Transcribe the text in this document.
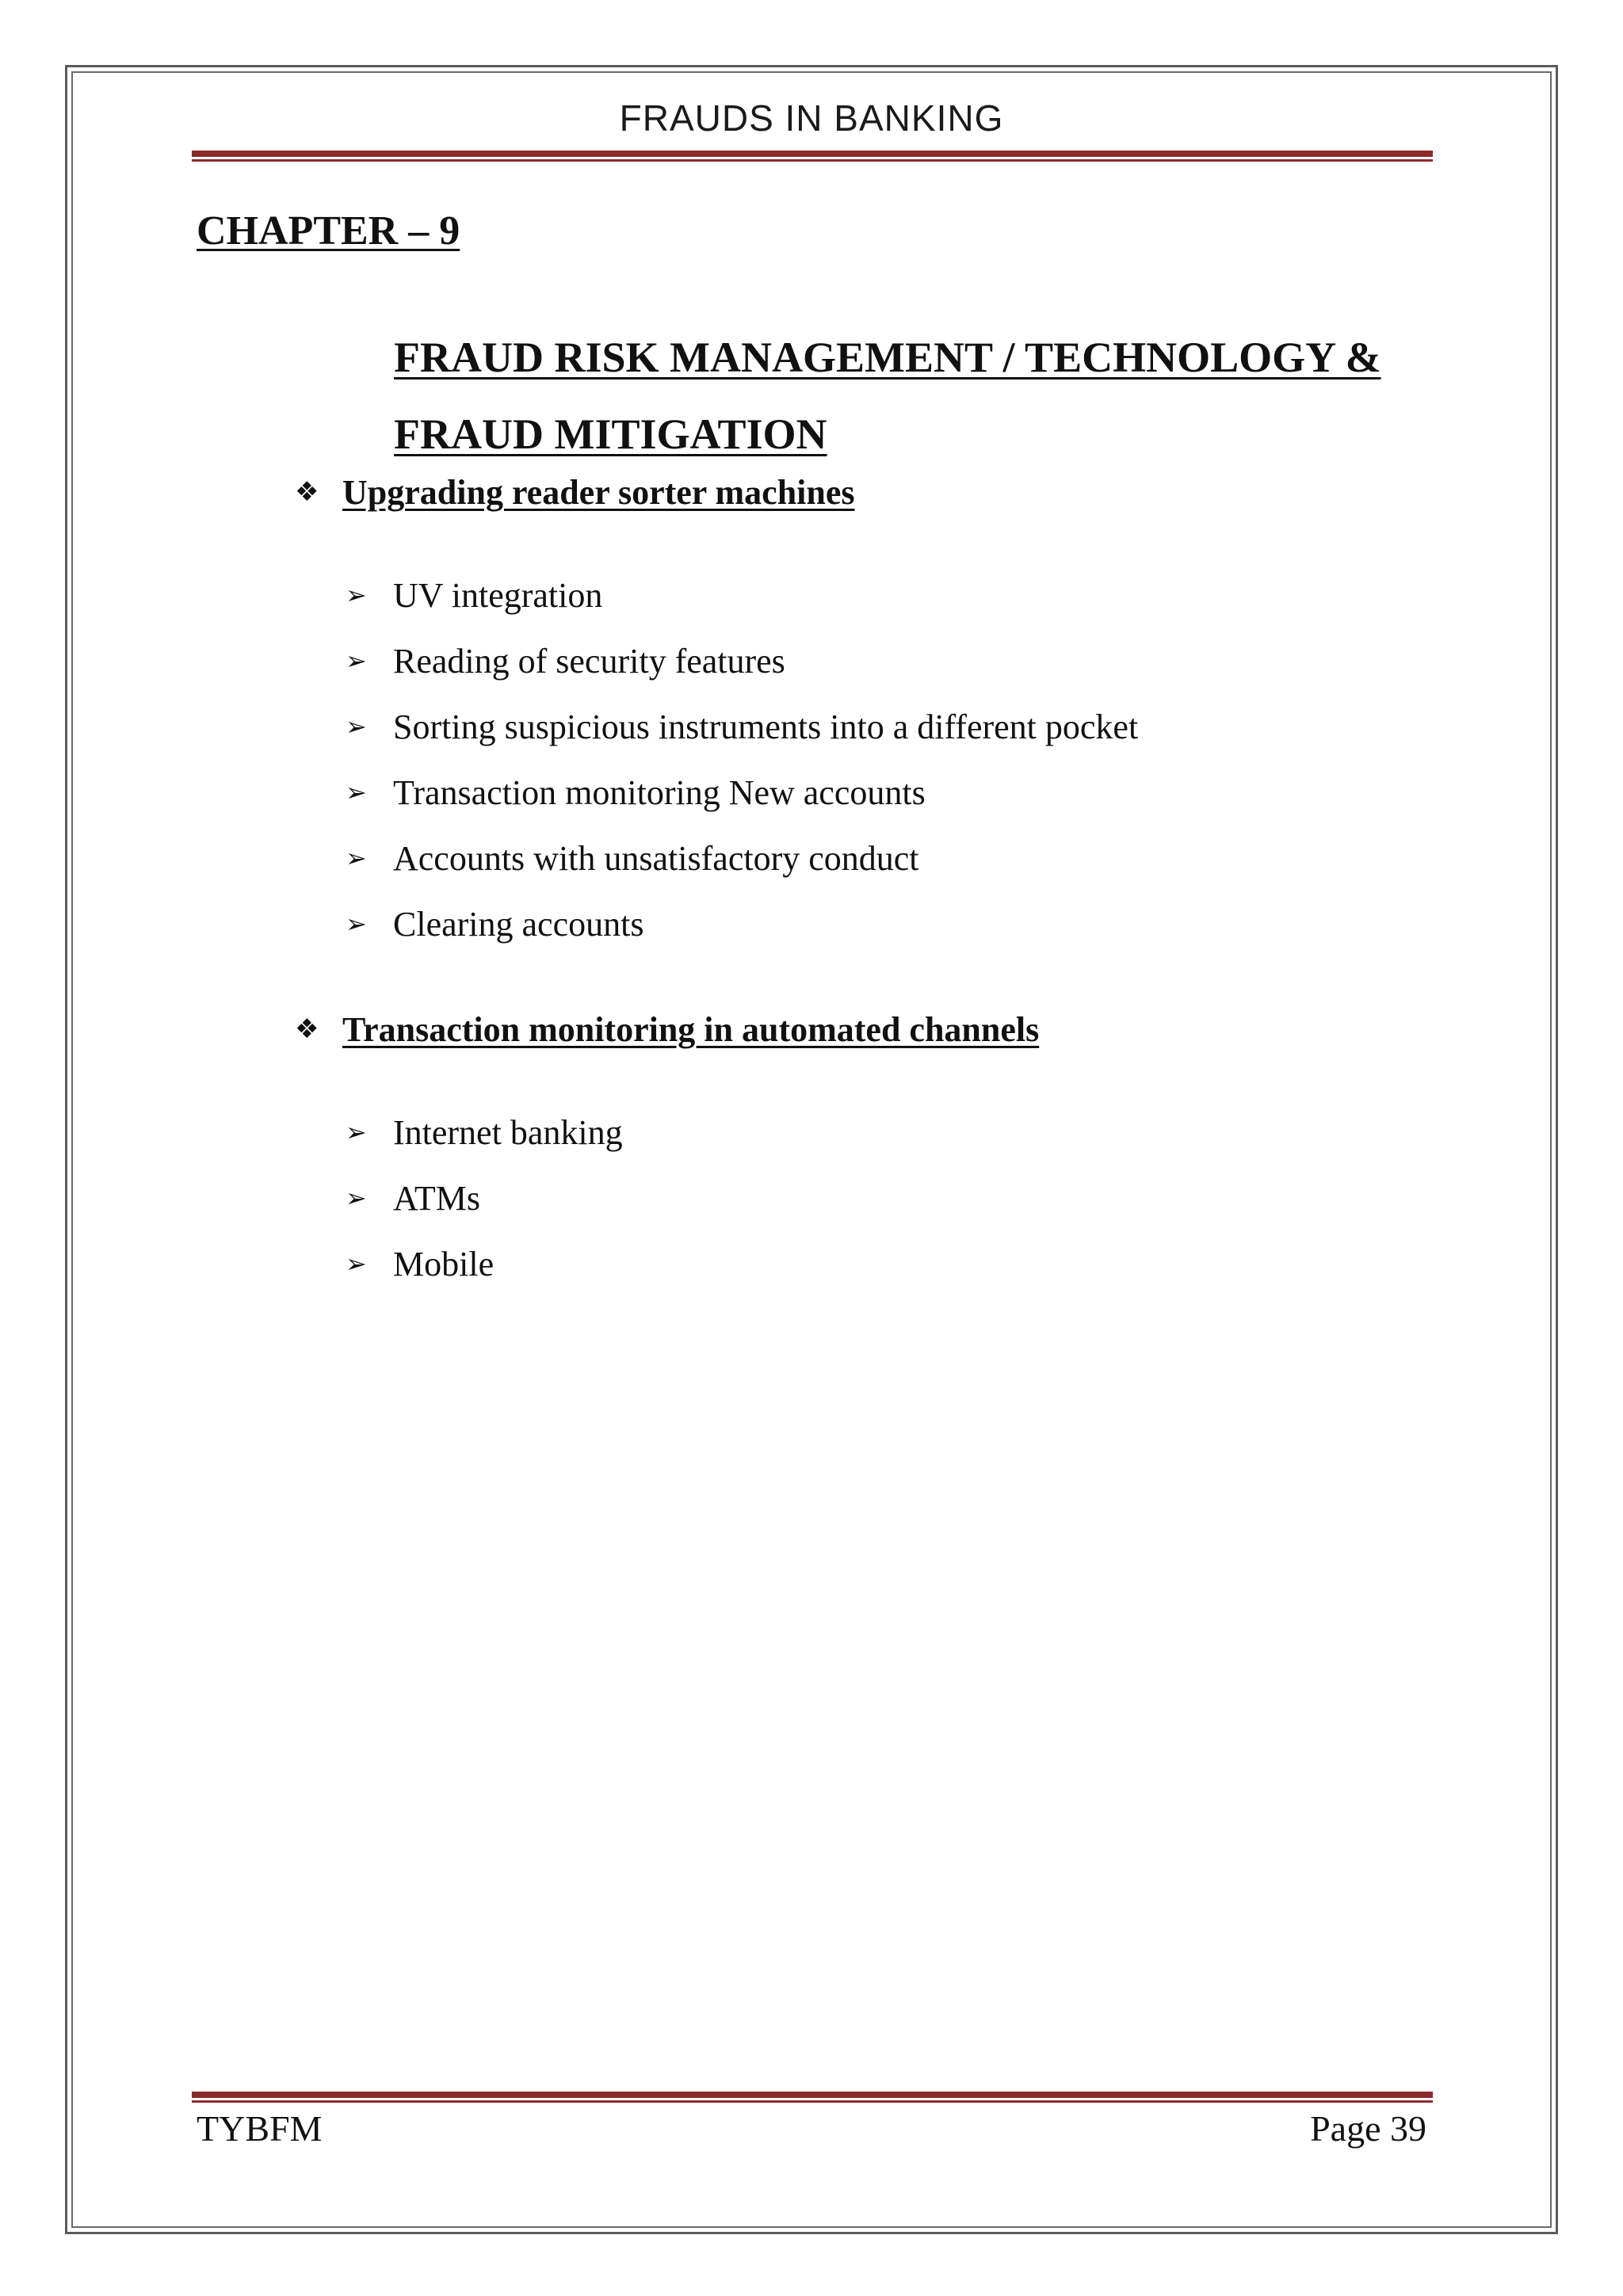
FRAUDS IN BANKING
CHAPTER – 9
FRAUD RISK MANAGEMENT / TECHNOLOGY & FRAUD MITIGATION
❖ Upgrading reader sorter machines
➢ UV integration
➢ Reading of security features
➢ Sorting suspicious instruments into a different pocket
➢ Transaction monitoring New accounts
➢ Accounts with unsatisfactory conduct
➢ Clearing accounts
❖ Transaction monitoring in automated channels
➢ Internet banking
➢ ATMs
➢ Mobile
TYBFM	Page 39
